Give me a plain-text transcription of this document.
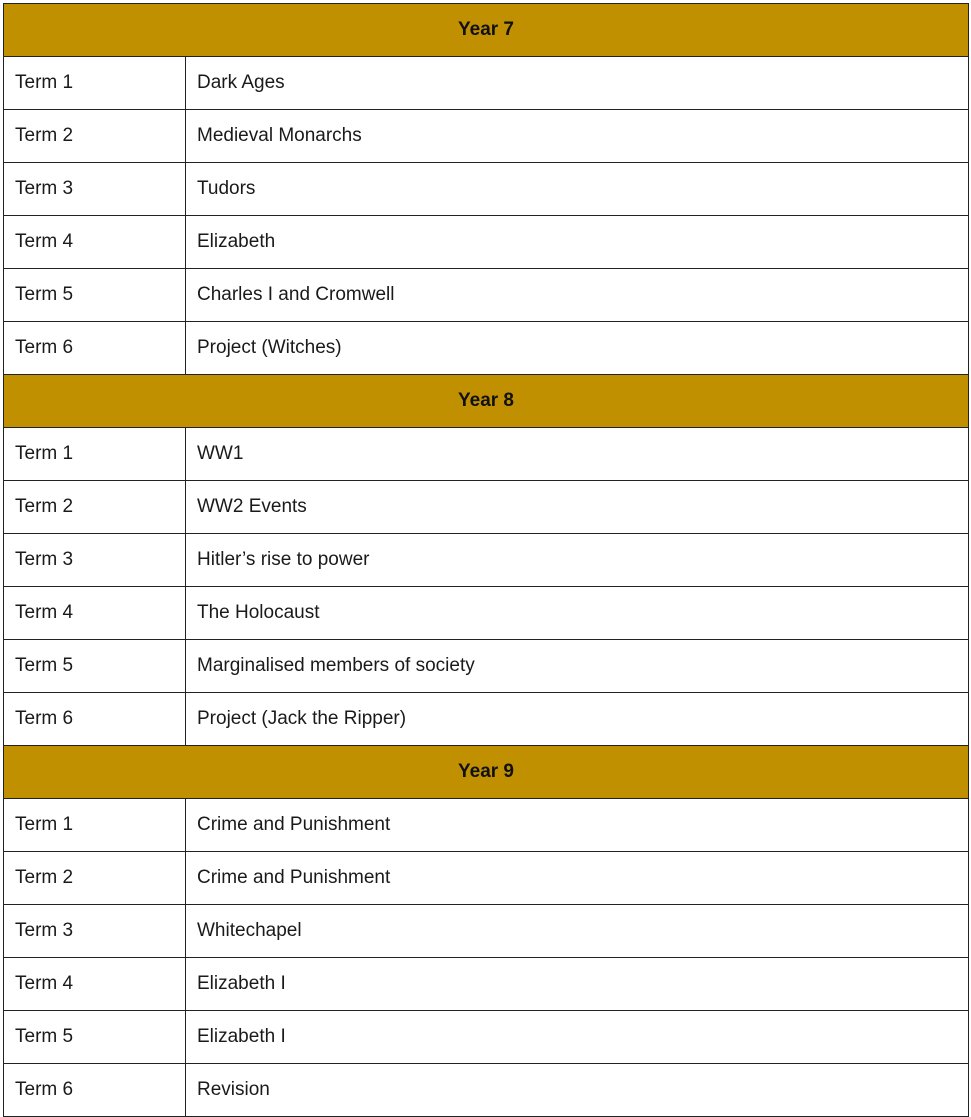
Year 7	
Term 1	Dark Ages
Term 2	Medieval Monarchs
Term 3	Tudors
Term 4	Elizabeth
Term 5	Charles I and Cromwell
Term 6	Project (Witches)
Year 8	
Term 1	WW1
Term 2	WW2 Events
Term 3	Hitler’s rise to power
Term 4	The Holocaust
Term 5	Marginalised members of society
Term 6	Project (Jack the Ripper)
Year 9	
Term 1	Crime and Punishment
Term 2	Crime and Punishment
Term 3	Whitechapel
Term 4	Elizabeth I
Term 5	Elizabeth I
Term 6	Revision
